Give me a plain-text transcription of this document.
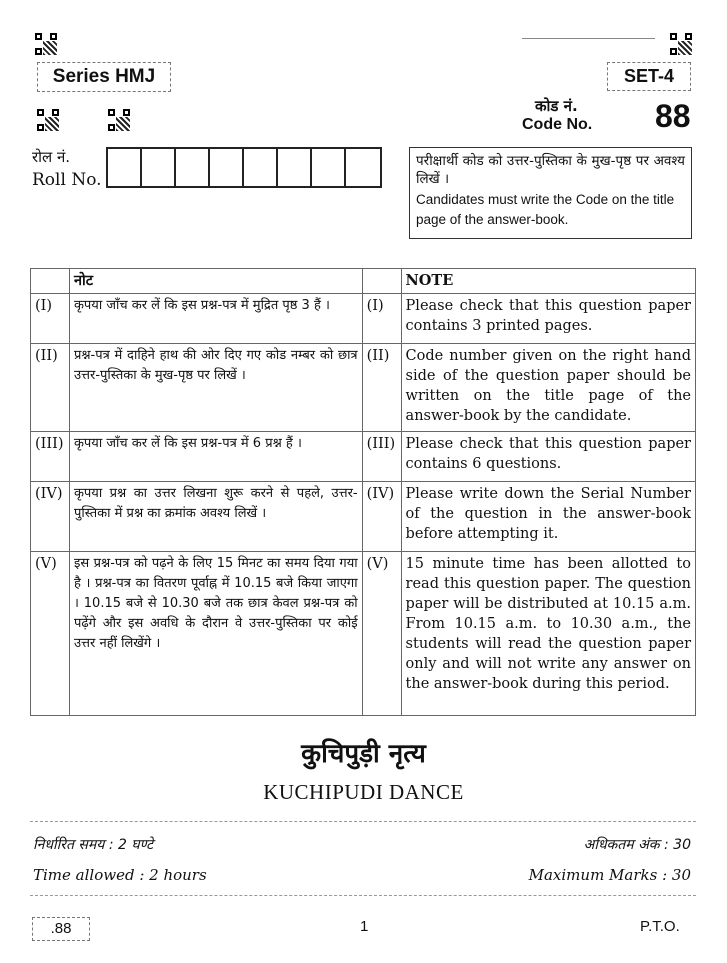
Series HMJ	SET-4
कोड नं.
Code No. 88
रोल नं.
Roll No.
परीक्षार्थी कोड को उत्तर-पुस्तिका के मुख-पृष्ठ पर अवश्य लिखें ।
Candidates must write the Code on the title page of the answer-book.
	नोट		NOTE
(I)	कृपया जाँच कर लें कि इस प्रश्न-पत्र में मुद्रित पृष्ठ 3 हैं ।	(I)	Please check that this question paper contains 3 printed pages.
(II)	प्रश्न-पत्र में दाहिने हाथ की ओर दिए गए कोड नम्बर को छात्र उत्तर-पुस्तिका के मुख-पृष्ठ पर लिखें ।	(II)	Code number given on the right hand side of the question paper should be written on the title page of the answer-book by the candidate.
(III)	कृपया जाँच कर लें कि इस प्रश्न-पत्र में 6 प्रश्न हैं ।	(III)	Please check that this question paper contains 6 questions.
(IV)	कृपया प्रश्न का उत्तर लिखना शुरू करने से पहले, उत्तर-पुस्तिका में प्रश्न का क्रमांक अवश्य लिखें ।	(IV)	Please write down the Serial Number of the question in the answer-book before attempting it.
(V)	इस प्रश्न-पत्र को पढ़ने के लिए 15 मिनट का समय दिया गया है । प्रश्न-पत्र का वितरण पूर्वाह्न में 10.15 बजे किया जाएगा । 10.15 बजे से 10.30 बजे तक छात्र केवल प्रश्न-पत्र को पढ़ेंगे और इस अवधि के दौरान वे उत्तर-पुस्तिका पर कोई उत्तर नहीं लिखेंगे ।	(V)	15 minute time has been allotted to read this question paper. The question paper will be distributed at 10.15 a.m. From 10.15 a.m. to 10.30 a.m., the students will read the question paper only and will not write any answer on the answer-book during this period.
कुचिपुड़ी नृत्य
KUCHIPUDI DANCE
निर्धारित समय : 2 घण्टे	अधिकतम अंक : 30
Time allowed : 2 hours	Maximum Marks : 30
.88	1	P.T.O.
